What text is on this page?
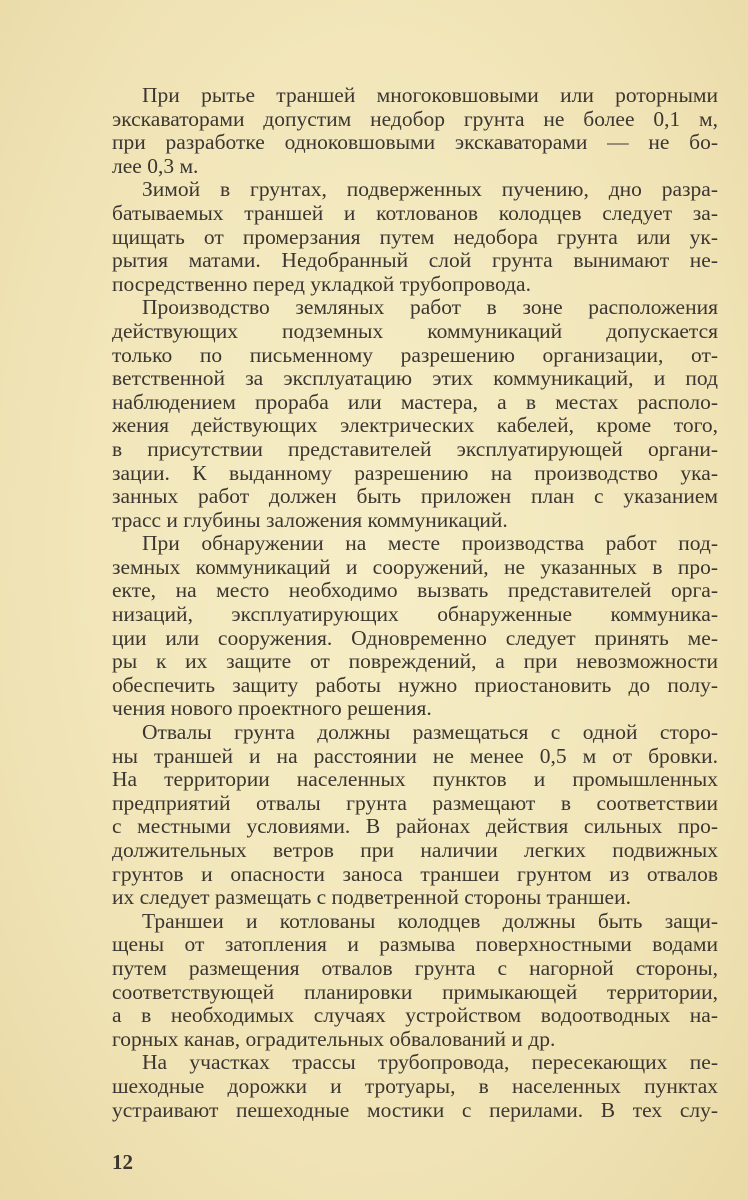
При рытье траншей многоковшовыми или роторными
экскаваторами допустим недобор грунта не более 0,1 м,
при разработке одноковшовыми экскаваторами — не бо-
лее 0,3 м.
Зимой в грунтах, подверженных пучению, дно разра-
батываемых траншей и котлованов колодцев следует за-
щищать от промерзания путем недобора грунта или ук-
рытия матами. Недобранный слой грунта вынимают не-
посредственно перед укладкой трубопровода.
Производство земляных работ в зоне расположения
действующих подземных коммуникаций допускается
только по письменному разрешению организации, от-
ветственной за эксплуатацию этих коммуникаций, и под
наблюдением прораба или мастера, а в местах располо-
жения действующих электрических кабелей, кроме того,
в присутствии представителей эксплуатирующей органи-
зации. К выданному разрешению на производство ука-
занных работ должен быть приложен план с указанием
трасс и глубины заложения коммуникаций.
При обнаружении на месте производства работ под-
земных коммуникаций и сооружений, не указанных в про-
екте, на место необходимо вызвать представителей орга-
низаций, эксплуатирующих обнаруженные коммуника-
ции или сооружения. Одновременно следует принять ме-
ры к их защите от повреждений, а при невозможности
обеспечить защиту работы нужно приостановить до полу-
чения нового проектного решения.
Отвалы грунта должны размещаться с одной сторо-
ны траншей и на расстоянии не менее 0,5 м от бровки.
На территории населенных пунктов и промышленных
предприятий отвалы грунта размещают в соответствии
с местными условиями. В районах действия сильных про-
должительных ветров при наличии легких подвижных
грунтов и опасности заноса траншеи грунтом из отвалов
их следует размещать с подветренной стороны траншеи.
Траншеи и котлованы колодцев должны быть защи-
щены от затопления и размыва поверхностными водами
путем размещения отвалов грунта с нагорной стороны,
соответствующей планировки примыкающей территории,
а в необходимых случаях устройством водоотводных на-
горных канав, оградительных обвалований и др.
На участках трассы трубопровода, пересекающих пе-
шеходные дорожки и тротуары, в населенных пунктах
устраивают пешеходные мостики с перилами. В тех слу-
12
